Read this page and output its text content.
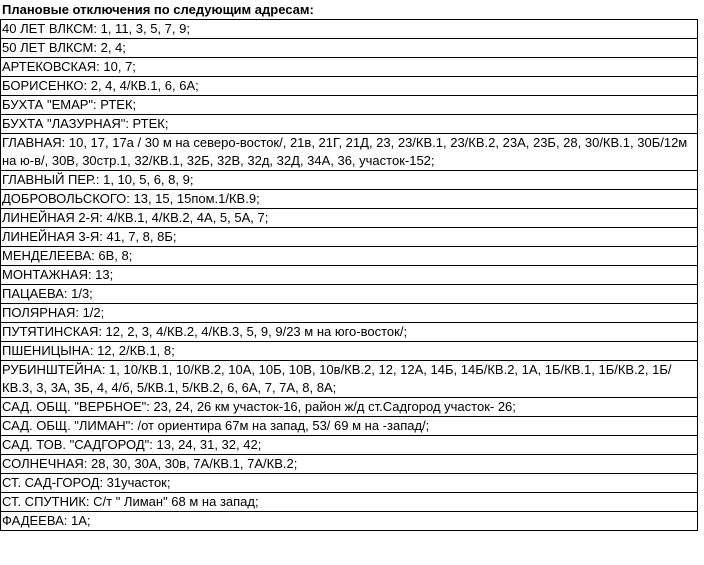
Плановые отключения по следующим адресам:
40 ЛЕТ ВЛКСМ: 1, 11, 3, 5, 7, 9;
50 ЛЕТ ВЛКСМ: 2, 4;
АРТЕКОВСКАЯ: 10, 7;
БОРИСЕНКО: 2, 4, 4/КВ.1, 6, 6А;
БУХТА "ЕМАР": РТЕК;
БУХТА "ЛАЗУРНАЯ": РТЕК;
ГЛАВНАЯ: 10, 17, 17а / 30 м на северо-восток/, 21в, 21Г, 21Д, 23, 23/КВ.1, 23/КВ.2, 23А, 23Б, 28, 30/КВ.1, 30Б/12м на ю-в/, 30В, 30стр.1, 32/КВ.1, 32Б, 32В, 32д, 32Д, 34А, 36, участок-152;
ГЛАВНЫЙ ПЕР.: 1, 10, 5, 6, 8, 9;
ДОБРОВОЛЬСКОГО: 13, 15, 15пом.1/КВ.9;
ЛИНЕЙНАЯ 2-Я: 4/КВ.1, 4/КВ.2, 4А, 5, 5А, 7;
ЛИНЕЙНАЯ 3-Я: 41, 7, 8, 8Б;
МЕНДЕЛЕЕВА: 6В, 8;
МОНТАЖНАЯ: 13;
ПАЦАЕВА: 1/3;
ПОЛЯРНАЯ: 1/2;
ПУТЯТИНСКАЯ: 12, 2, 3, 4/КВ.2, 4/КВ.3, 5, 9, 9/23 м на юго-восток/;
ПШЕНИЦЫНА: 12, 2/КВ.1, 8;
РУБИНШТЕЙНА: 1, 10/КВ.1, 10/КВ.2, 10А, 10Б, 10В, 10в/КВ.2, 12, 12А, 14Б, 14Б/КВ.2, 1А, 1Б/КВ.1, 1Б/КВ.2, 1Б/КВ.3, 3, 3А, 3Б, 4, 4/б, 5/КВ.1, 5/КВ.2, 6, 6А, 7, 7А, 8, 8А;
САД. ОБЩ. "ВЕРБНОЕ": 23, 24, 26 км участок-16, район ж/д ст.Садгород участок- 26;
САД. ОБЩ. "ЛИМАН": /от ориентира 67м на запад, 53/ 69 м на -запад/;
САД. ТОВ. "САДГОРОД": 13, 24, 31, 32, 42;
СОЛНЕЧНАЯ: 28, 30, 30А, 30в, 7А/КВ.1, 7А/КВ.2;
СТ. САД-ГОРОД: 31участок;
СТ. СПУТНИК: С/т " Лиман" 68 м на запад;
ФАДЕЕВА: 1А;
